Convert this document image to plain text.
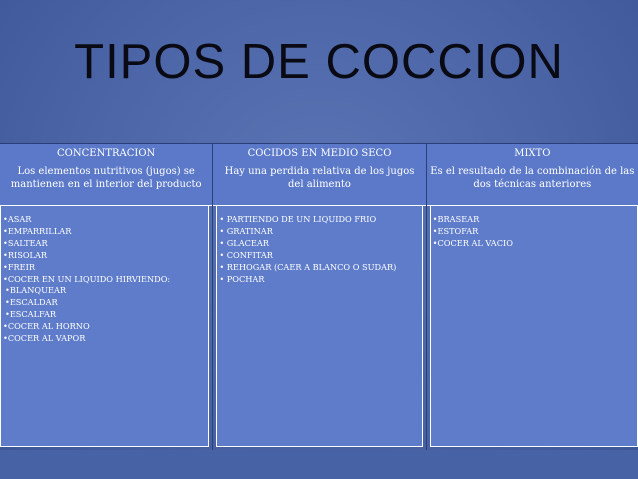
TIPOS DE COCCION
CONCENTRACION
Los elementos nutritivos (jugos) se mantienen en el interior del producto
•ASAR
•EMPARRILLAR
•SALTEAR
•RISOLAR
•FREIR
•COCER EN UN LIQUIDO HIRVIENDO:
•BLANQUEAR
•ESCALDAR
•ESCALFAR
•COCER AL HORNO
•COCER AL VAPOR
COCIDOS EN MEDIO SECO
Hay una perdida relativa de los jugos del alimento
• PARTIENDO DE UN LIQUIDO FRIO
• GRATINAR
• GLACEAR
• CONFITAR
• REHOGAR (CAER A BLANCO O SUDAR)
• POCHAR
MIXTO
Es el resultado de la combinación de las dos técnicas anteriores
•BRASEAR
•ESTOFAR
•COCER AL VACIO
